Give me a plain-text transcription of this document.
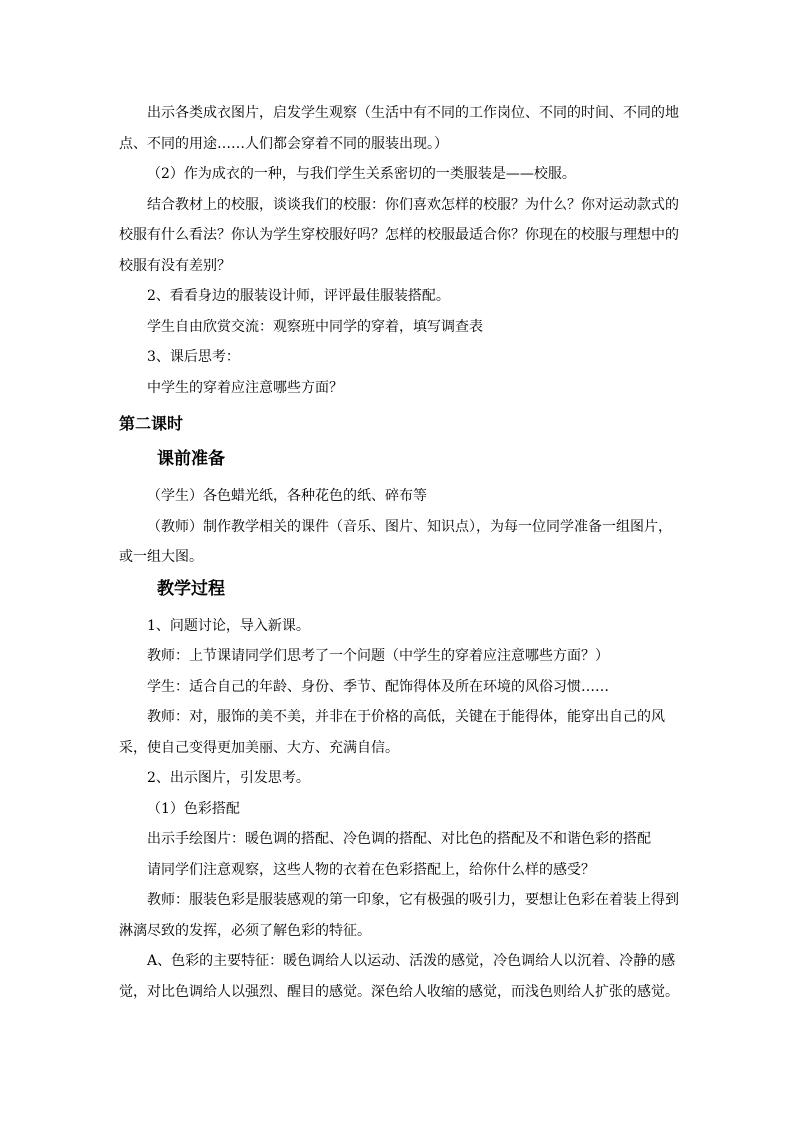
出示各类成衣图片，启发学生观察（生活中有不同的工作岗位、不同的时间、不同的地点、不同的用途……人们都会穿着不同的服装出现。）

（2）作为成衣的一种，与我们学生关系密切的一类服装是——校服。

结合教材上的校服，谈谈我们的校服：你们喜欢怎样的校服？为什么？你对运动款式的校服有什么看法？你认为学生穿校服好吗？怎样的校服最适合你？你现在的校服与理想中的校服有没有差别？

2、看看身边的服装设计师，评评最佳服装搭配。

学生自由欣赏交流：观察班中同学的穿着，填写调查表

3、课后思考：

中学生的穿着应注意哪些方面？

第二课时
课前准备

（学生）各色蜡光纸，各种花色的纸、碎布等

（教师）制作教学相关的课件（音乐、图片、知识点），为每一位同学准备一组图片，或一组大图。

教学过程

1、问题讨论，导入新课。

教师：上节课请同学们思考了一个问题（中学生的穿着应注意哪些方面？）

学生：适合自己的年龄、身份、季节、配饰得体及所在环境的风俗习惯……

教师：对，服饰的美不美，并非在于价格的高低，关键在于能得体，能穿出自己的风采，使自己变得更加美丽、大方、充满自信。

2、出示图片，引发思考。

（1）色彩搭配

出示手绘图片：暖色调的搭配、冷色调的搭配、对比色的搭配及不和谐色彩的搭配

请同学们注意观察，这些人物的衣着在色彩搭配上，给你什么样的感受？

教师：服装色彩是服装感观的第一印象，它有极强的吸引力，要想让色彩在着装上得到淋漓尽致的发挥，必须了解色彩的特征。

A、色彩的主要特征：暖色调给人以运动、活泼的感觉，冷色调给人以沉着、冷静的感觉，对比色调给人以强烈、醒目的感觉。深色给人收缩的感觉，而浅色则给人扩张的感觉。
